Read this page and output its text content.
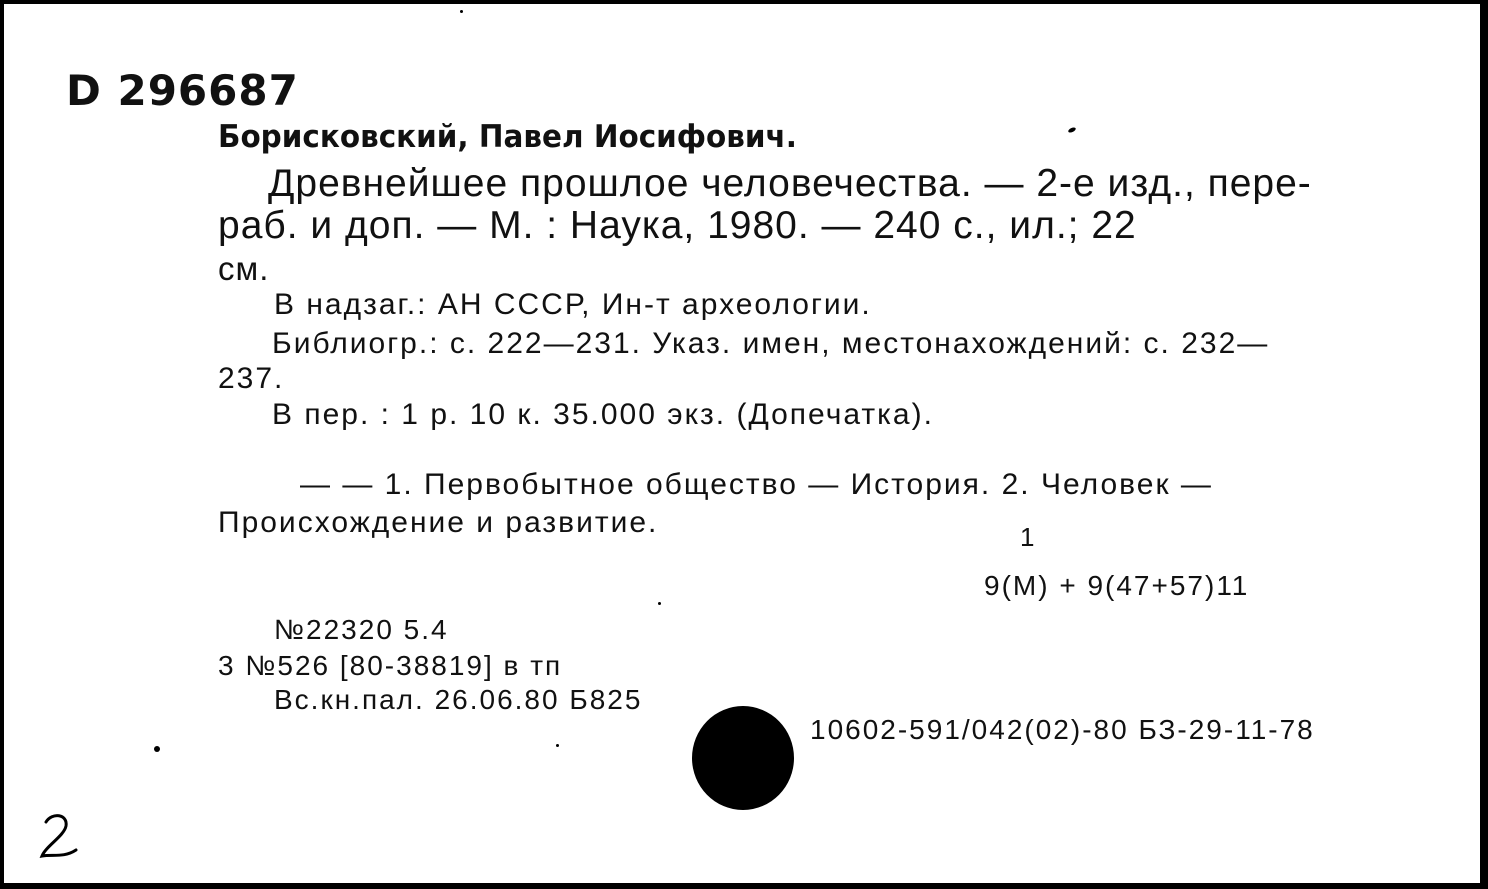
D 296687
Борисковский, Павел Иосифович.
Древнейшее прошлое человечества. — 2-е изд., пере-
раб. и доп. — М. : Наука, 1980. — 240 с., ил.; 22
см.
В надзаг.: АН СССР, Ин-т археологии.
Библиогр.: с. 222—231. Указ. имен, местонахождений: с. 232—
237.
В пер. : 1 р. 10 к. 35.000 экз. (Допечатка).
— — 1. Первобытное общество — История. 2. Человек —
Происхождение и развитие.	1
9(М) + 9(47+57)11
№22320 5.4
3 №526 [80-38819] в тп
Вс.кн.пал. 26.06.80 Б825
10602-591/042(02)-80 БЗ-29-11-78
